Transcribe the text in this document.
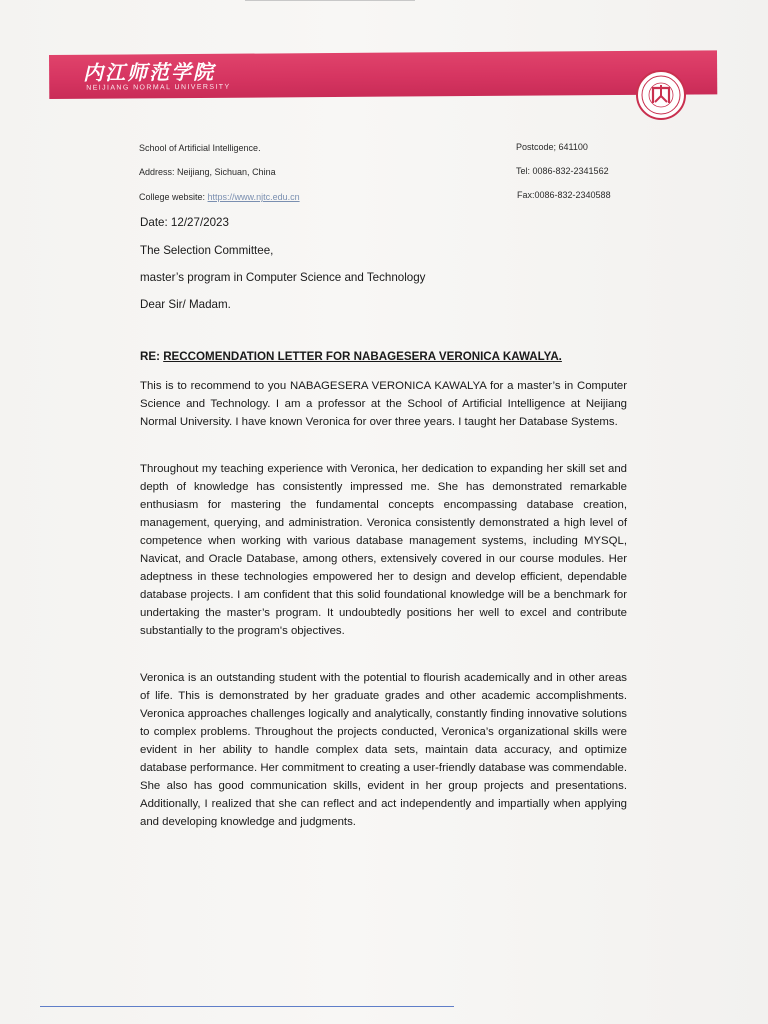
内江师范学院
NEIJIANG NORMAL UNIVERSITY
School of Artificial Intelligence.
Address: Neijiang, Sichuan, China
College website: https://www.njtc.edu.cn
Postcode; 641100
Tel: 0086-832-2341562
Fax:0086-832-2340588
Date: 12/27/2023
The Selection Committee,
master’s program in Computer Science and Technology
Dear Sir/ Madam.
RE: RECCOMENDATION LETTER FOR NABAGESERA VERONICA KAWALYA.
This is to recommend to you NABAGESERA VERONICA KAWALYA for a master’s in Computer Science and Technology. I am a professor at the School of Artificial Intelligence at Neijiang Normal University. I have known Veronica for over three years. I taught her Database Systems.
Throughout my teaching experience with Veronica, her dedication to expanding her skill set and depth of knowledge has consistently impressed me. She has demonstrated remarkable enthusiasm for mastering the fundamental concepts encompassing database creation, management, querying, and administration. Veronica consistently demonstrated a high level of competence when working with various database management systems, including MYSQL, Navicat, and Oracle Database, among others, extensively covered in our course modules. Her adeptness in these technologies empowered her to design and develop efficient, dependable database projects. I am confident that this solid foundational knowledge will be a benchmark for undertaking the master’s program. It undoubtedly positions her well to excel and contribute substantially to the program's objectives.
Veronica is an outstanding student with the potential to flourish academically and in other areas of life. This is demonstrated by her graduate grades and other academic accomplishments. Veronica approaches challenges logically and analytically, constantly finding innovative solutions to complex problems. Throughout the projects conducted, Veronica’s organizational skills were evident in her ability to handle complex data sets, maintain data accuracy, and optimize database performance. Her commitment to creating a user-friendly database was commendable. She also has good communication skills, evident in her group projects and presentations. Additionally, I realized that she can reflect and act independently and impartially when applying and developing knowledge and judgments.
